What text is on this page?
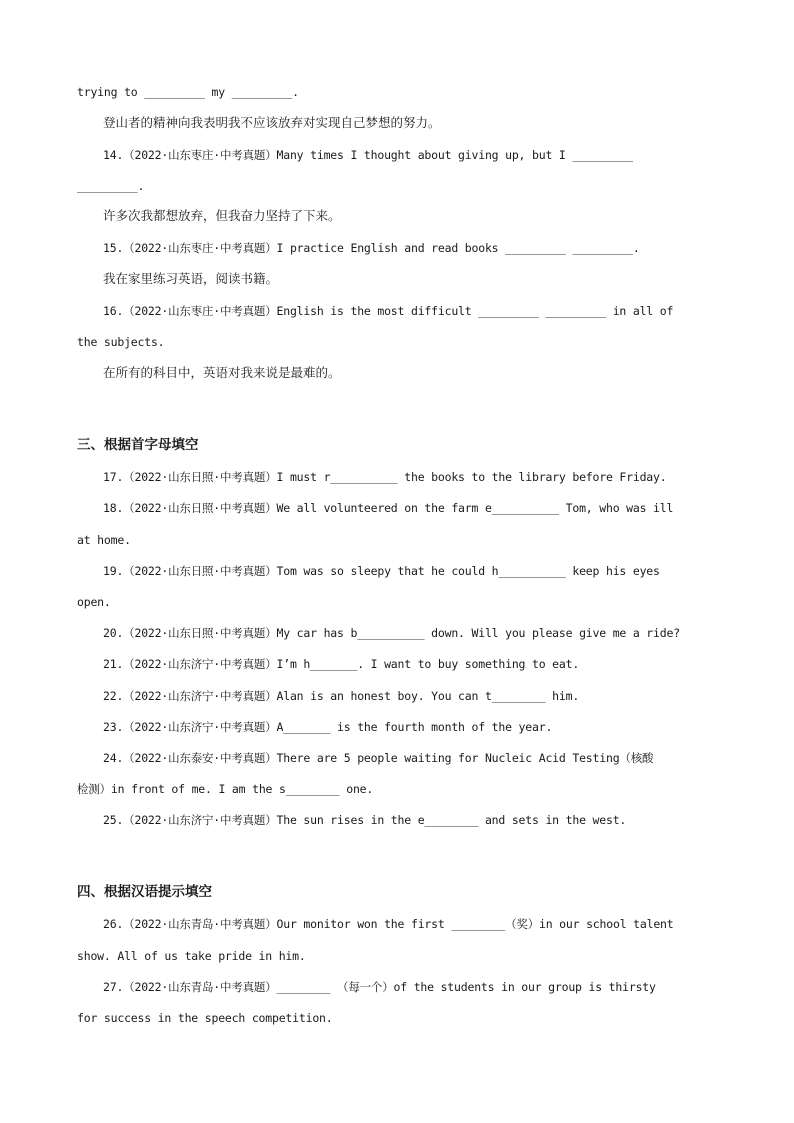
trying to _________ my _________.
登山者的精神向我表明我不应该放弃对实现自己梦想的努力。
14.（2022·山东枣庄·中考真题）Many times I thought about giving up, but I _________
_________.
许多次我都想放弃，但我奋力坚持了下来。
15.（2022·山东枣庄·中考真题）I practice English and read books _________ _________.
我在家里练习英语，阅读书籍。
16.（2022·山东枣庄·中考真题）English is the most difficult _________ _________ in all of
the subjects.
在所有的科目中，英语对我来说是最难的。
三、根据首字母填空
17.（2022·山东日照·中考真题）I must r__________ the books to the library before Friday.
18.（2022·山东日照·中考真题）We all volunteered on the farm e__________ Tom, who was ill
at home.
19.（2022·山东日照·中考真题）Tom was so sleepy that he could h__________ keep his eyes
open.
20.（2022·山东日照·中考真题）My car has b__________ down. Will you please give me a ride?
21.（2022·山东济宁·中考真题）I’m h_______. I want to buy something to eat.
22.（2022·山东济宁·中考真题）Alan is an honest boy. You can t________ him.
23.（2022·山东济宁·中考真题）A_______ is the fourth month of the year.
24.（2022·山东泰安·中考真题）There are 5 people waiting for Nucleic Acid Testing（核酸
检测）in front of me. I am the s________ one.
25.（2022·山东济宁·中考真题）The sun rises in the e________ and sets in the west.
四、根据汉语提示填空
26.（2022·山东青岛·中考真题）Our monitor won the first ________（奖）in our school talent
show. All of us take pride in him.
27.（2022·山东青岛·中考真题）________ （每一个）of the students in our group is thirsty
for success in the speech competition.
